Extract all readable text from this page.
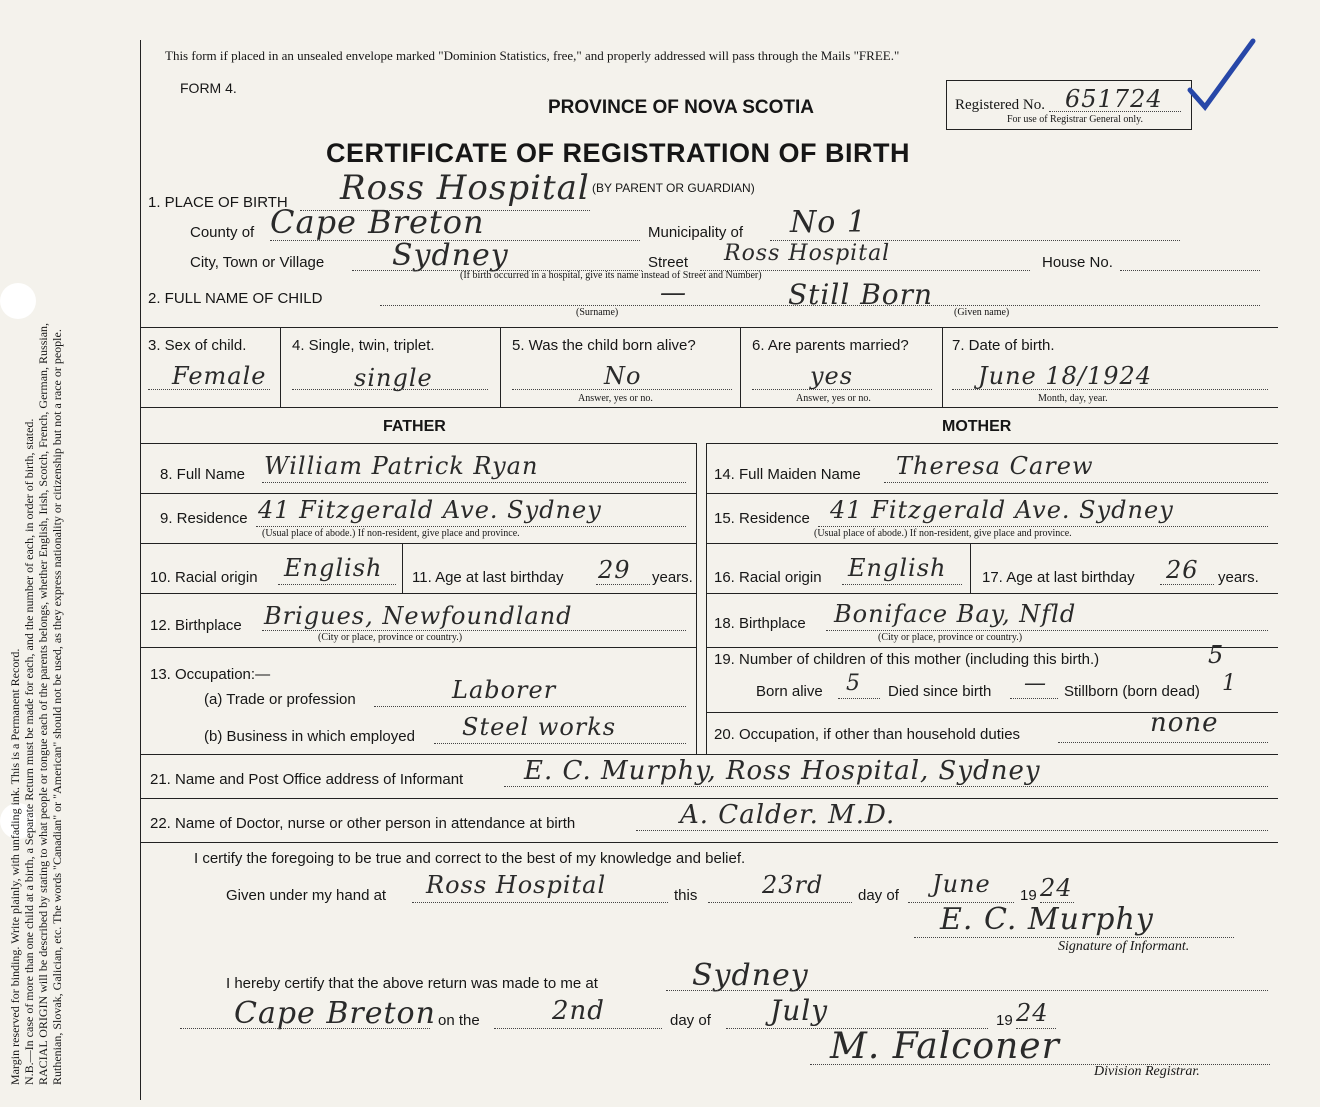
Margin reserved for binding. Write plainly, with unfading ink. This is a Permanent Record. N.B.—In case of more than one child at a birth, a Separate Return must be made for each, and the number of each, in order of birth, stated. RACIAL ORIGIN will be described by stating to what people or tongue each of the parents belongs, whether English, Irish, Scotch, French, German, Russian, Ruthenian, Slovak, Galician, etc. The words "Canadian" or "American" should not be used, as they express nationality or citizenship but not a race or people.
This form if placed in an unsealed envelope marked "Dominion Statistics, free," and properly addressed will pass through the Mails "FREE."
FORM 4.
PROVINCE OF NOVA SCOTIA
CERTIFICATE OF REGISTRATION OF BIRTH
Registered No. 651724
For use of Registrar General only.
1. PLACE OF BIRTH Ross Hospital (BY PARENT OR GUARDIAN)
County of Cape Breton	Municipality of No 1
City, Town or Village Sydney	Street Ross Hospital
(If birth occurred in a hospital, give its name instead of Street and Number)
House No.
2. FULL NAME OF CHILD	—	Still Born
(Surname)	(Given name)
3. Sex of child.
Female
4. Single, twin, triplet.
single
5. Was the child born alive?
No
Answer, yes or no.
6. Are parents married?
yes
Answer, yes or no.
7. Date of birth.
June 18/1924
Month, day, year.
FATHER	MOTHER
8. Full Name William Patrick Ryan
9. Residence 41 Fitzgerald Ave. Sydney
(Usual place of abode.) If non-resident, give place and province.
10. Racial origin English 11. Age at last birthday 29 years.
12. Birthplace Brigues, Newfoundland
(City or place, province or country.)
13. Occupation:—
(a) Trade or profession	Laborer
(b) Business in which employed Steel works
14. Full Maiden Name Theresa Carew
15. Residence 41 Fitzgerald Ave. Sydney
(Usual place of abode.) If non-resident, give place and province.
16. Racial origin English 17. Age at last birthday 26 years.
18. Birthplace Boniface Bay, Nfld
(City or place, province or country.)
19. Number of children of this mother (including this birth.)	5
Born alive 5 Died since birth — Stillborn (born dead) 1
20. Occupation, if other than household duties	none
21. Name and Post Office address of Informant E. C. Murphy, Ross Hospital, Sydney
22. Name of Doctor, nurse or other person in attendance at birth	A. Calder. M.D.
I certify the foregoing to be true and correct to the best of my knowledge and belief.
Given under my hand at Ross Hospital	this	23rd day of June 19 24
E. C. Murphy
Signature of Informant.
I hereby certify that the above return was made to me at	Sydney
Cape Breton on the	2nd	day of July	19 24
M. Falconer
Division Registrar.
